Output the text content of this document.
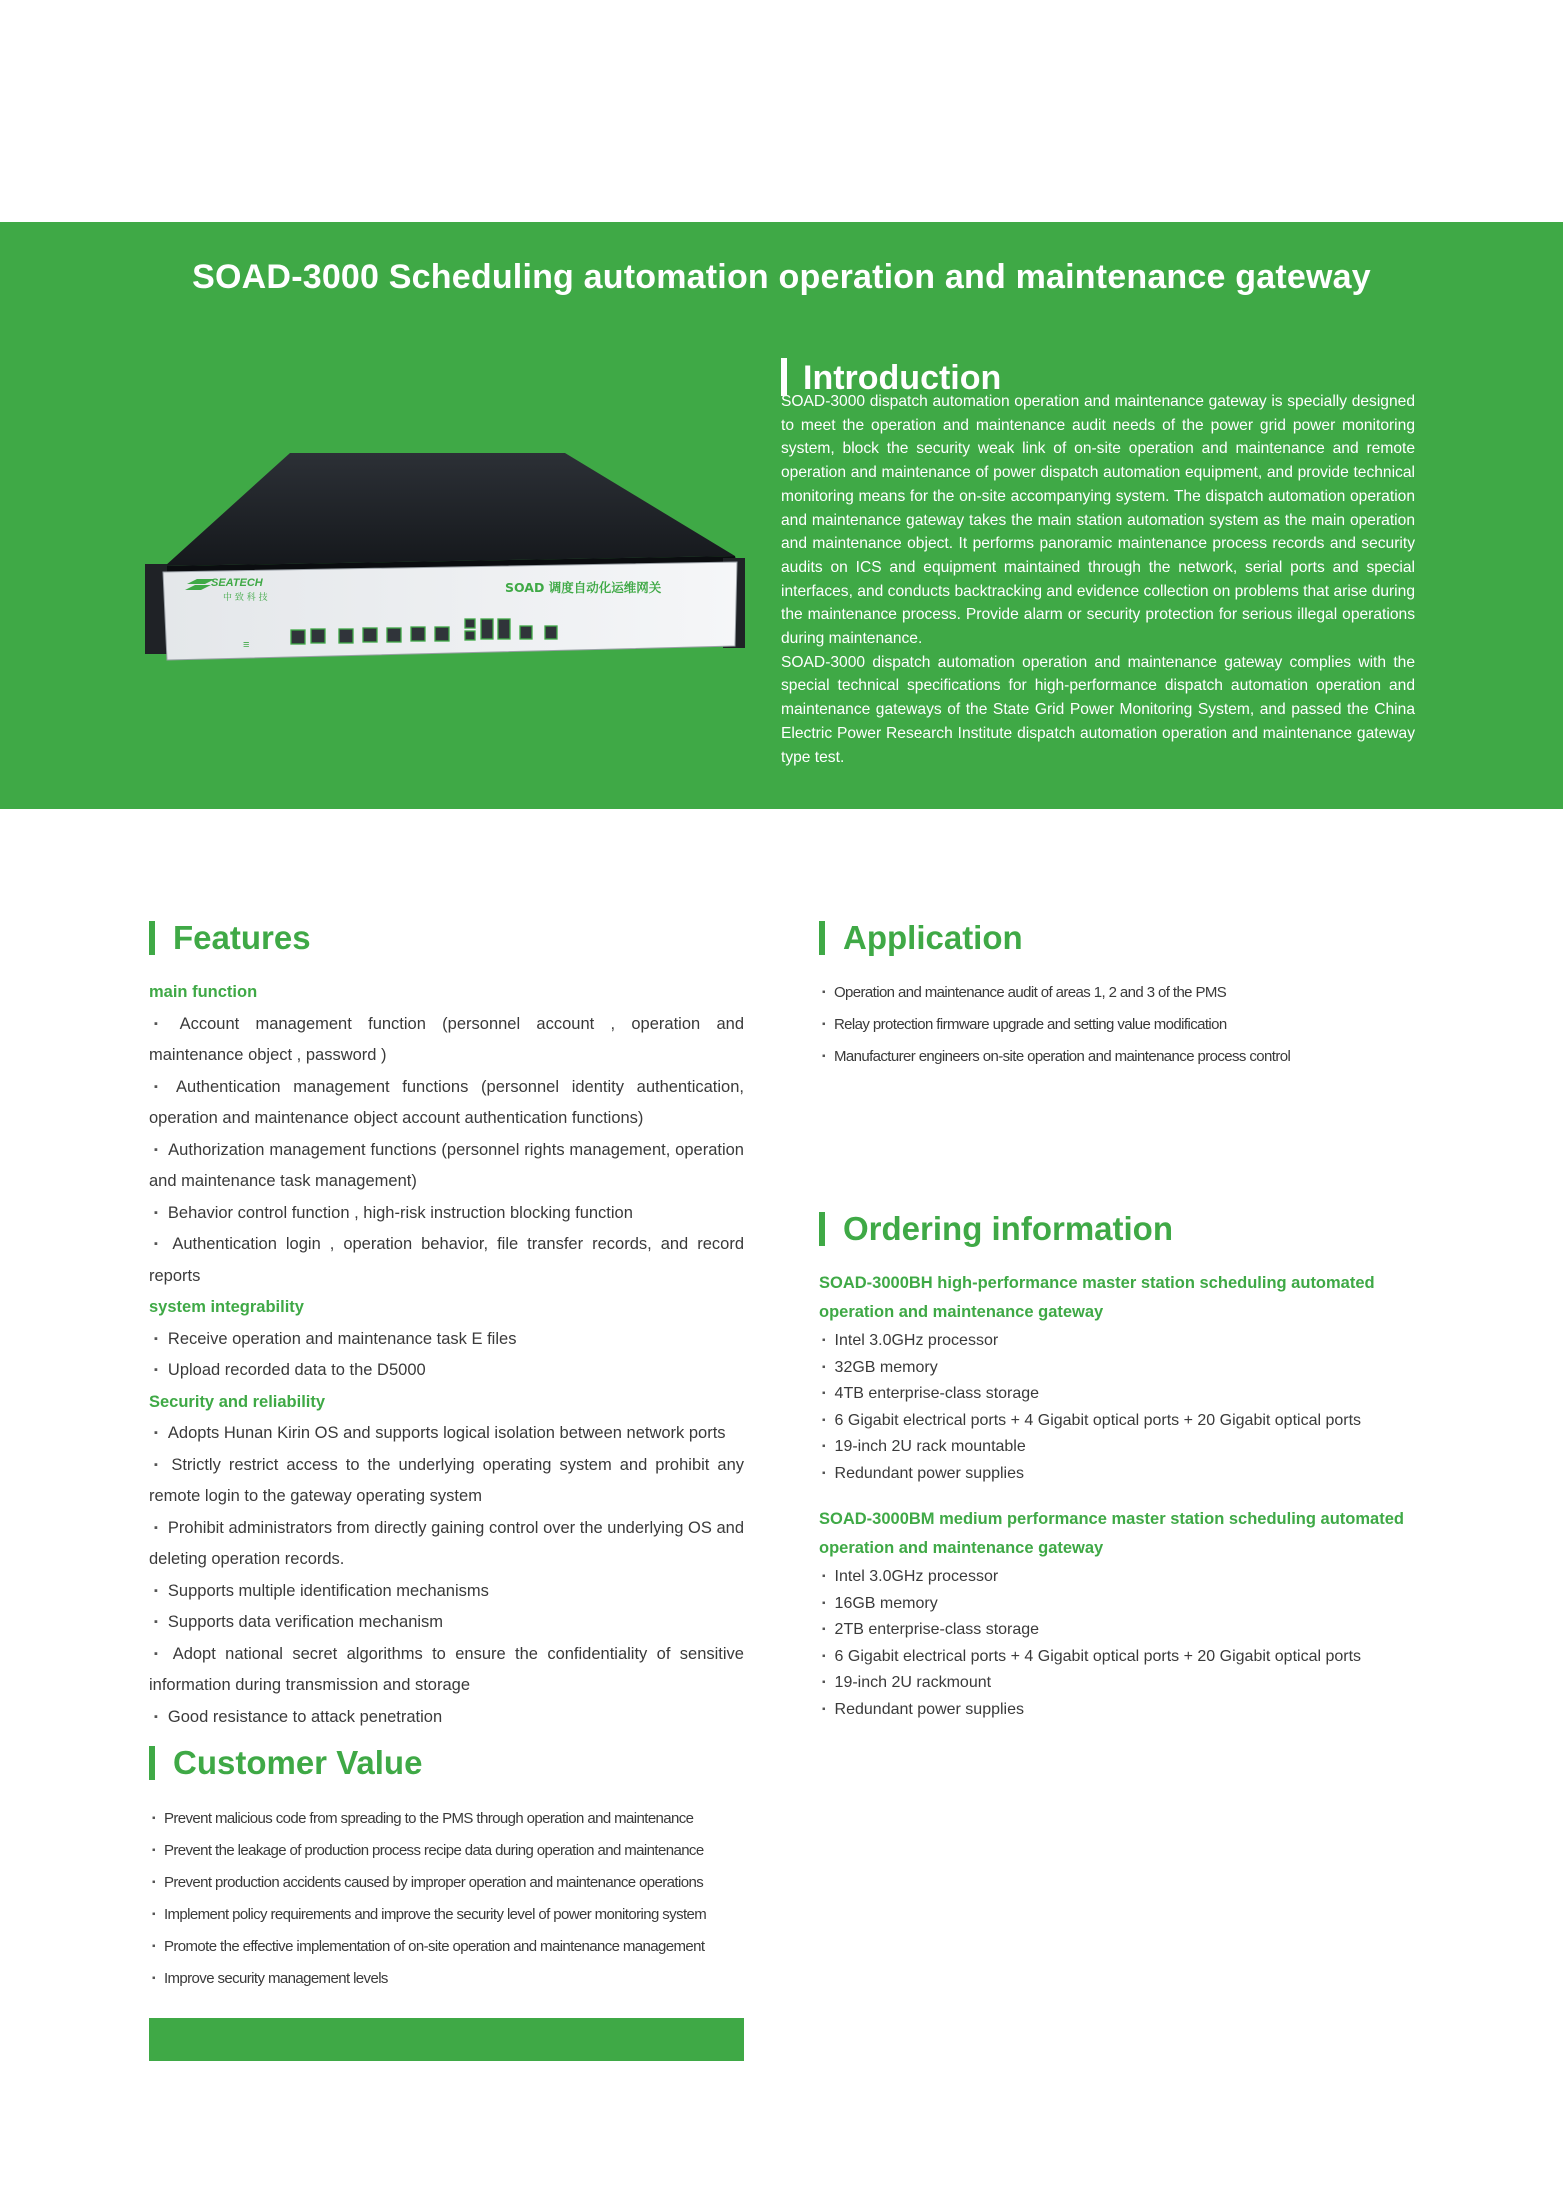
SOAD-3000 Scheduling automation operation and maintenance gateway
SEATECH
中 致 科 技
SOAD 调度自动化运维网关
≡
Introduction

SOAD-3000 dispatch automation operation and maintenance gateway is specially designed to meet the operation and maintenance audit needs of the power grid power monitoring system, block the security weak link of on-site operation and maintenance and remote operation and maintenance of power dispatch automation equipment, and provide technical monitoring means for the on-site accompanying system. The dispatch automation operation and maintenance gateway takes the main station automation system as the main operation and maintenance object. It performs panoramic maintenance process records and security audits on ICS and equipment maintained through the network, serial ports and special interfaces, and conducts backtracking and evidence collection on problems that arise during the maintenance process. Provide alarm or security protection for serious illegal operations during maintenance.

SOAD-3000 dispatch automation operation and maintenance gateway complies with the special technical specifications for high-performance dispatch automation operation and maintenance gateways of the State Grid Power Monitoring System, and passed the China Electric Power Research Institute dispatch automation operation and maintenance gateway type test.

Features
main function
▪ Account management function (personnel account , operation and maintenance object , password )
▪ Authentication management functions (personnel identity authentication, operation and maintenance object account authentication functions)
▪ Authorization management functions (personnel rights management, operation and maintenance task management)
▪ Behavior control function , high-risk instruction blocking function
▪ Authentication login , operation behavior, file transfer records, and record reports
system integrability
▪ Receive operation and maintenance task E files
▪ Upload recorded data to the D5000
Security and reliability
▪ Adopts Hunan Kirin OS and supports logical isolation between network ports
▪ Strictly restrict access to the underlying operating system and prohibit any remote login to the gateway operating system
▪ Prohibit administrators from directly gaining control over the underlying OS and deleting operation records.
▪ Supports multiple identification mechanisms
▪ Supports data verification mechanism
▪ Adopt national secret algorithms to ensure the confidentiality of sensitive information during transmission and storage
▪ Good resistance to attack penetration
Customer Value
▪ Prevent malicious code from spreading to the PMS through operation and maintenance
▪ Prevent the leakage of production process recipe data during operation and maintenance
▪ Prevent production accidents caused by improper operation and maintenance operations
▪ Implement policy requirements and improve the security level of power monitoring system
▪ Promote the effective implementation of on-site operation and maintenance management
▪ Improve security management levels
Application
▪ Operation and maintenance audit of areas 1, 2 and 3 of the PMS
▪ Relay protection firmware upgrade and setting value modification
▪ Manufacturer engineers on-site operation and maintenance process control
Ordering information
SOAD-3000BH high-performance master station scheduling automated operation and maintenance gateway
▪ Intel 3.0GHz processor
▪ 32GB memory
▪ 4TB enterprise-class storage
▪ 6 Gigabit electrical ports + 4 Gigabit optical ports + 20 Gigabit optical ports
▪ 19-inch 2U rack mountable
▪ Redundant power supplies
SOAD-3000BM medium performance master station scheduling automated operation and maintenance gateway
▪ Intel 3.0GHz processor
▪ 16GB memory
▪ 2TB enterprise-class storage
▪ 6 Gigabit electrical ports + 4 Gigabit optical ports + 20 Gigabit optical ports
▪ 19-inch 2U rackmount
▪ Redundant power supplies
